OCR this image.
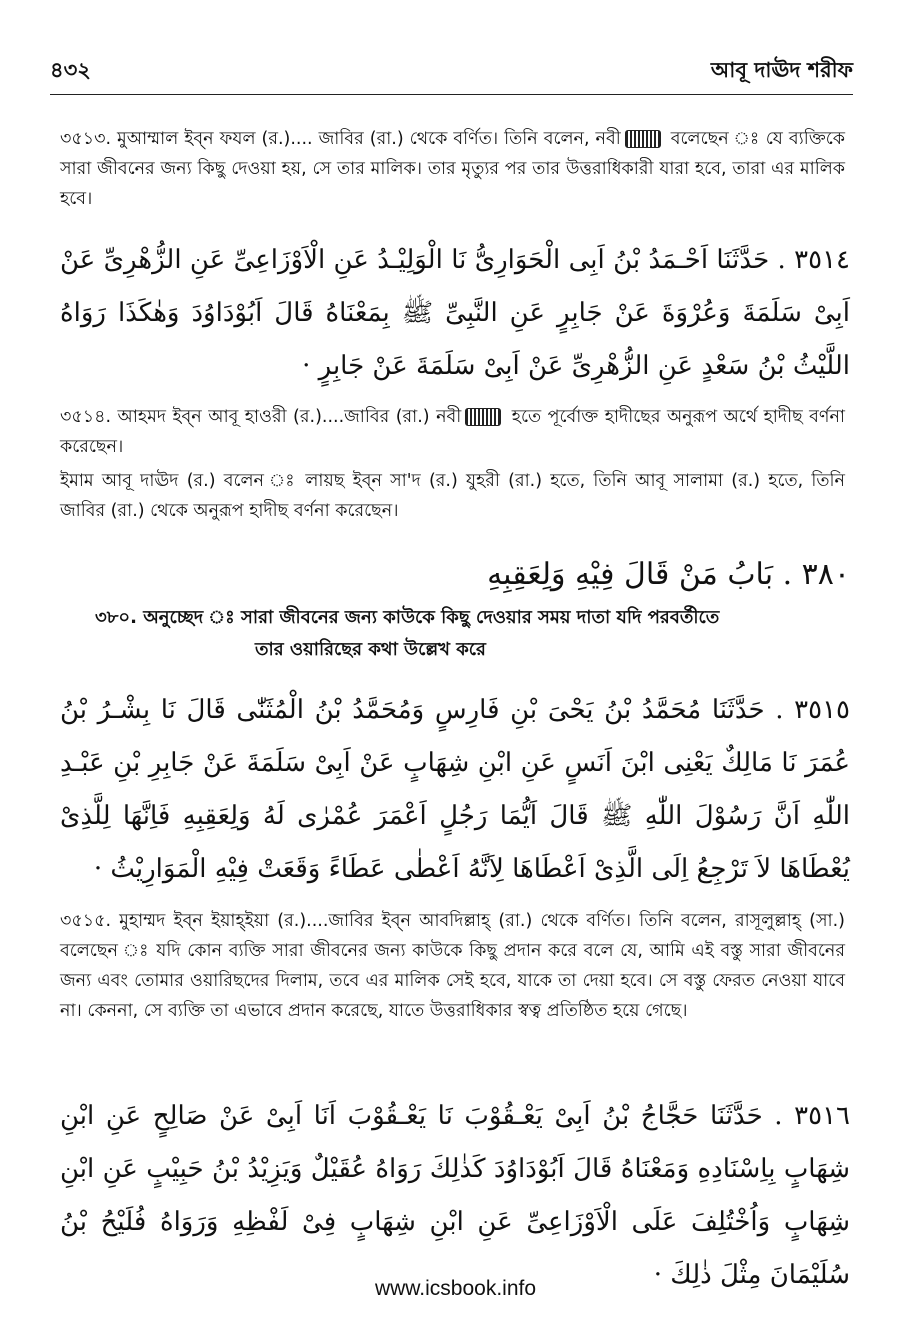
৪৩২	আবূ দাঊদ শরীফ
৩৫১৩. মুআম্মাল ইব্‌ন ফযল (র.).... জাবির (রা.) থেকে বর্ণিত। তিনি বলেন, নবী	বলেছেন ঃ যে ব্যক্তিকে সারা জীবনের জন্য কিছু দেওয়া হয়, সে তার মালিক। তার মৃত্যুর পর তার উত্তরাধিকারী যারা হবে, তারা এর মালিক হবে।
٣٥١٤ . حَدَّثَنَا اَحْـمَدُ بْنُ اَبِى الْحَوَارِىُّ نَا الْوَلِيْـدُ عَنِ الْاَوْزَاعِىِّ عَنِ الزُّهْرِىِّ عَنْ اَبِىْ سَلَمَةَ وَعُرْوَةَ عَنْ جَابِرٍ عَنِ النَّبِىِّ ﷺ بِمَعْنَاهُ قَالَ اَبُوْدَاوُدَ وَهٰكَذَا رَوَاهُ اللَّيْثُ بْنُ سَعْدٍ عَنِ الزُّهْرِىِّ عَنْ اَبِىْ سَلَمَةَ عَنْ جَابِرٍ ·
৩৫১৪. আহমদ ইব্‌ন আবূ হাওরী (র.)....জাবির (রা.) নবী	হতে পূর্বোক্ত হাদীছের অনুরূপ অর্থে হাদীছ বর্ণনা করেছেন।
ইমাম আবূ দাঊদ (র.) বলেন ঃ লায়ছ ইব্‌ন সা'দ (র.) যুহরী (রা.) হতে, তিনি আবূ সালামা (র.) হতে, তিনি জাবির (রা.) থেকে অনুরূপ হাদীছ বর্ণনা করেছেন।
٣٨٠ . بَابُ مَنْ قَالَ فِيْهِ وَلِعَقِبِهِ
৩৮০. অনুচ্ছেদ ঃ সারা জীবনের জন্য কাউকে কিছু দেওয়ার সময় দাতা যদি পরবর্তীতে
তার ওয়ারিছের কথা উল্লেখ করে
٣٥١٥ . حَدَّثَنَا مُحَمَّدُ بْنُ يَحْىَ بْنِ فَارِسٍ وَمُحَمَّدُ بْنُ الْمُثَنّٰى قَالَ نَا بِشْـرُ بْنُ عُمَرَ نَا مَالِكٌ يَعْنِى ابْنَ اَنَسٍ عَنِ ابْنِ شِهَابٍ عَنْ اَبِىْ سَلَمَةَ عَنْ جَابِرِ بْنِ عَبْـدِ اللّٰهِ اَنَّ رَسُوْلَ اللّٰهِ ﷺ قَالَ اَيُّمَا رَجُلٍ اَعْمَرَ عُمْرٰى لَهُ وَلِعَقِبِهِ فَاِنَّهَا لِلَّذِىْ يُعْطَاهَا لاَ تَرْجِعُ اِلَى الَّذِىْ اَعْطَاهَا لِاَنَّهُ اَعْطٰى عَطَاءً وَقَعَتْ فِيْهِ الْمَوَارِيْثُ ·
৩৫১৫. মুহাম্মদ ইব্‌ন ইয়াহ্ইয়া (র.)....জাবির ইব্‌ন আবদিল্লাহ্‌ (রা.) থেকে বর্ণিত। তিনি বলেন, রাসূলুল্লাহ্‌ (সা.) বলেছেন ঃ যদি কোন ব্যক্তি সারা জীবনের জন্য কাউকে কিছু প্রদান করে বলে যে, আমি এই বস্তু সারা জীবনের জন্য এবং তোমার ওয়ারিছদের দিলাম, তবে এর মালিক সেই হবে, যাকে তা দেয়া হবে। সে বস্তু ফেরত নেওয়া যাবে না। কেননা, সে ব্যক্তি তা এভাবে প্রদান করেছে, যাতে উত্তরাধিকার স্বত্ব প্রতিষ্ঠিত হয়ে গেছে।
٣٥١٦ . حَدَّثَنَا حَجَّاجُ بْنُ اَبِىْ يَعْـقُوْبَ نَا يَعْـقُوْبَ اَنَا اَبِىْ عَنْ صَالِحٍ عَنِ ابْنِ شِهَابٍ بِاِسْنَادِهِ وَمَعْنَاهُ قَالَ اَبُوْدَاوُدَ كَذٰلِكَ رَوَاهُ عُقَيْلٌ وَيَزِيْدُ بْنُ حَبِيْبٍ عَنِ ابْنِ شِهَابٍ وَاُخْتُلِفَ عَلَى الْاَوْزَاعِىِّ عَنِ ابْنِ شِهَابٍ فِىْ لَفْظِهِ وَرَوَاهُ فُلَيْحُ بْنُ سُلَيْمَانَ مِثْلَ ذٰلِكَ ·
www.icsbook.info
